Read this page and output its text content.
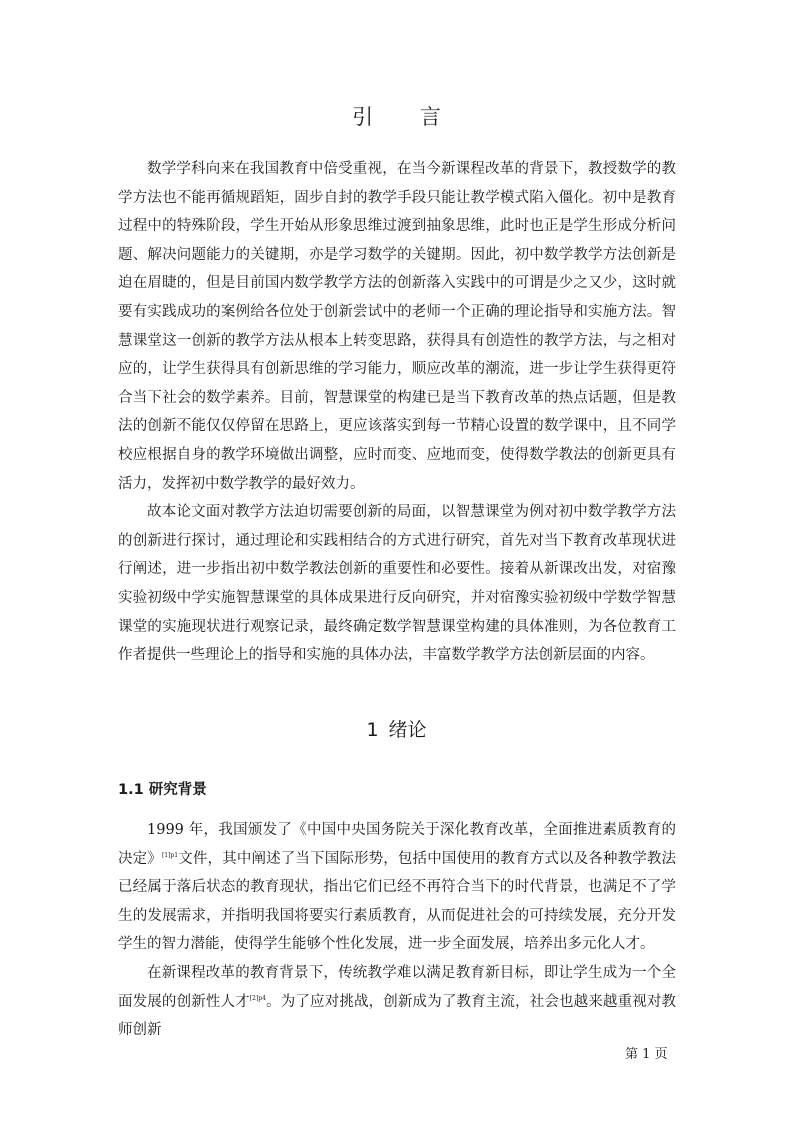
引 言

数学学科向来在我国教育中倍受重视，在当今新课程改革的背景下，教授数学的教学方法也不能再循规蹈矩，固步自封的教学手段只能让教学模式陷入僵化。初中是教育过程中的特殊阶段，学生开始从形象思维过渡到抽象思维，此时也正是学生形成分析问题、解决问题能力的关键期，亦是学习数学的关键期。因此，初中数学教学方法创新是迫在眉睫的，但是目前国内数学教学方法的创新落入实践中的可谓是少之又少，这时就要有实践成功的案例给各位处于创新尝试中的老师一个正确的理论指导和实施方法。智慧课堂这一创新的教学方法从根本上转变思路，获得具有创造性的教学方法，与之相对应的，让学生获得具有创新思维的学习能力，顺应改革的潮流，进一步让学生获得更符合当下社会的数学素养。目前，智慧课堂的构建已是当下教育改革的热点话题，但是教法的创新不能仅仅停留在思路上，更应该落实到每一节精心设置的数学课中，且不同学校应根据自身的教学环境做出调整，应时而变、应地而变，使得数学教法的创新更具有活力，发挥初中数学教学的最好效力。

故本论文面对教学方法迫切需要创新的局面，以智慧课堂为例对初中数学教学方法的创新进行探讨，通过理论和实践相结合的方式进行研究，首先对当下教育改革现状进行阐述，进一步指出初中数学教法创新的重要性和必要性。接着从新课改出发，对宿豫实验初级中学实施智慧课堂的具体成果进行反向研究，并对宿豫实验初级中学数学智慧课堂的实施现状进行观察记录，最终确定数学智慧课堂构建的具体准则，为各位教育工作者提供一些理论上的指导和实施的具体办法，丰富数学教学方法创新层面的内容。

1 绪论
1.1 研究背景

1999 年，我国颁发了《中国中央国务院关于深化教育改革，全面推进素质教育的决定》$^{[1]p1}$文件，其中阐述了当下国际形势，包括中国使用的教育方式以及各种教学教法已经属于落后状态的教育现状，指出它们已经不再符合当下的时代背景，也满足不了学生的发展需求，并指明我国将要实行素质教育，从而促进社会的可持续发展，充分开发学生的智力潜能，使得学生能够个性化发展，进一步全面发展，培养出多元化人才。

在新课程改革的教育背景下，传统教学难以满足教育新目标，即让学生成为一个全面发展的创新性人才$^{[2]p4}$。为了应对挑战，创新成为了教育主流，社会也越来越重视对教师创新

第 1 页
